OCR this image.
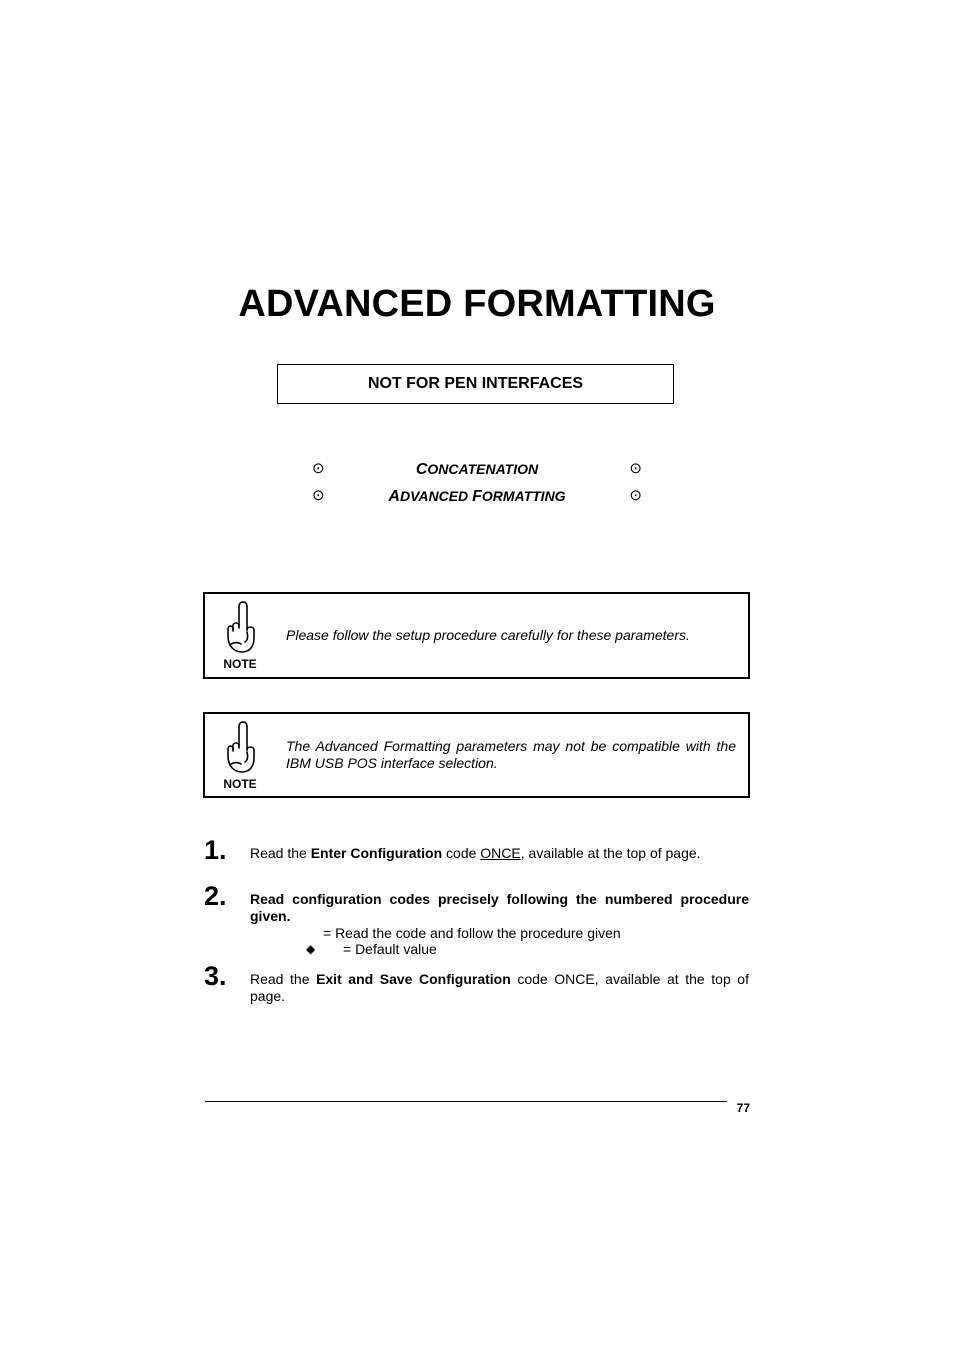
ADVANCED FORMATTING
NOT FOR PEN INTERFACES
⊙	CONCATENATION	⊙
⊙	ADVANCED FORMATTING	⊙
NOTE
Please follow the setup procedure carefully for these parameters.
NOTE
The Advanced Formatting parameters may not be compatible with the IBM USB POS interface selection.
1. Read the Enter Configuration code ONCE, available at the top of page.
2. Read configuration codes precisely following the numbered procedure given.
= Read the code and follow the procedure given
◆ = Default value
3. Read the Exit and Save Configuration code ONCE, available at the top of page.
77
